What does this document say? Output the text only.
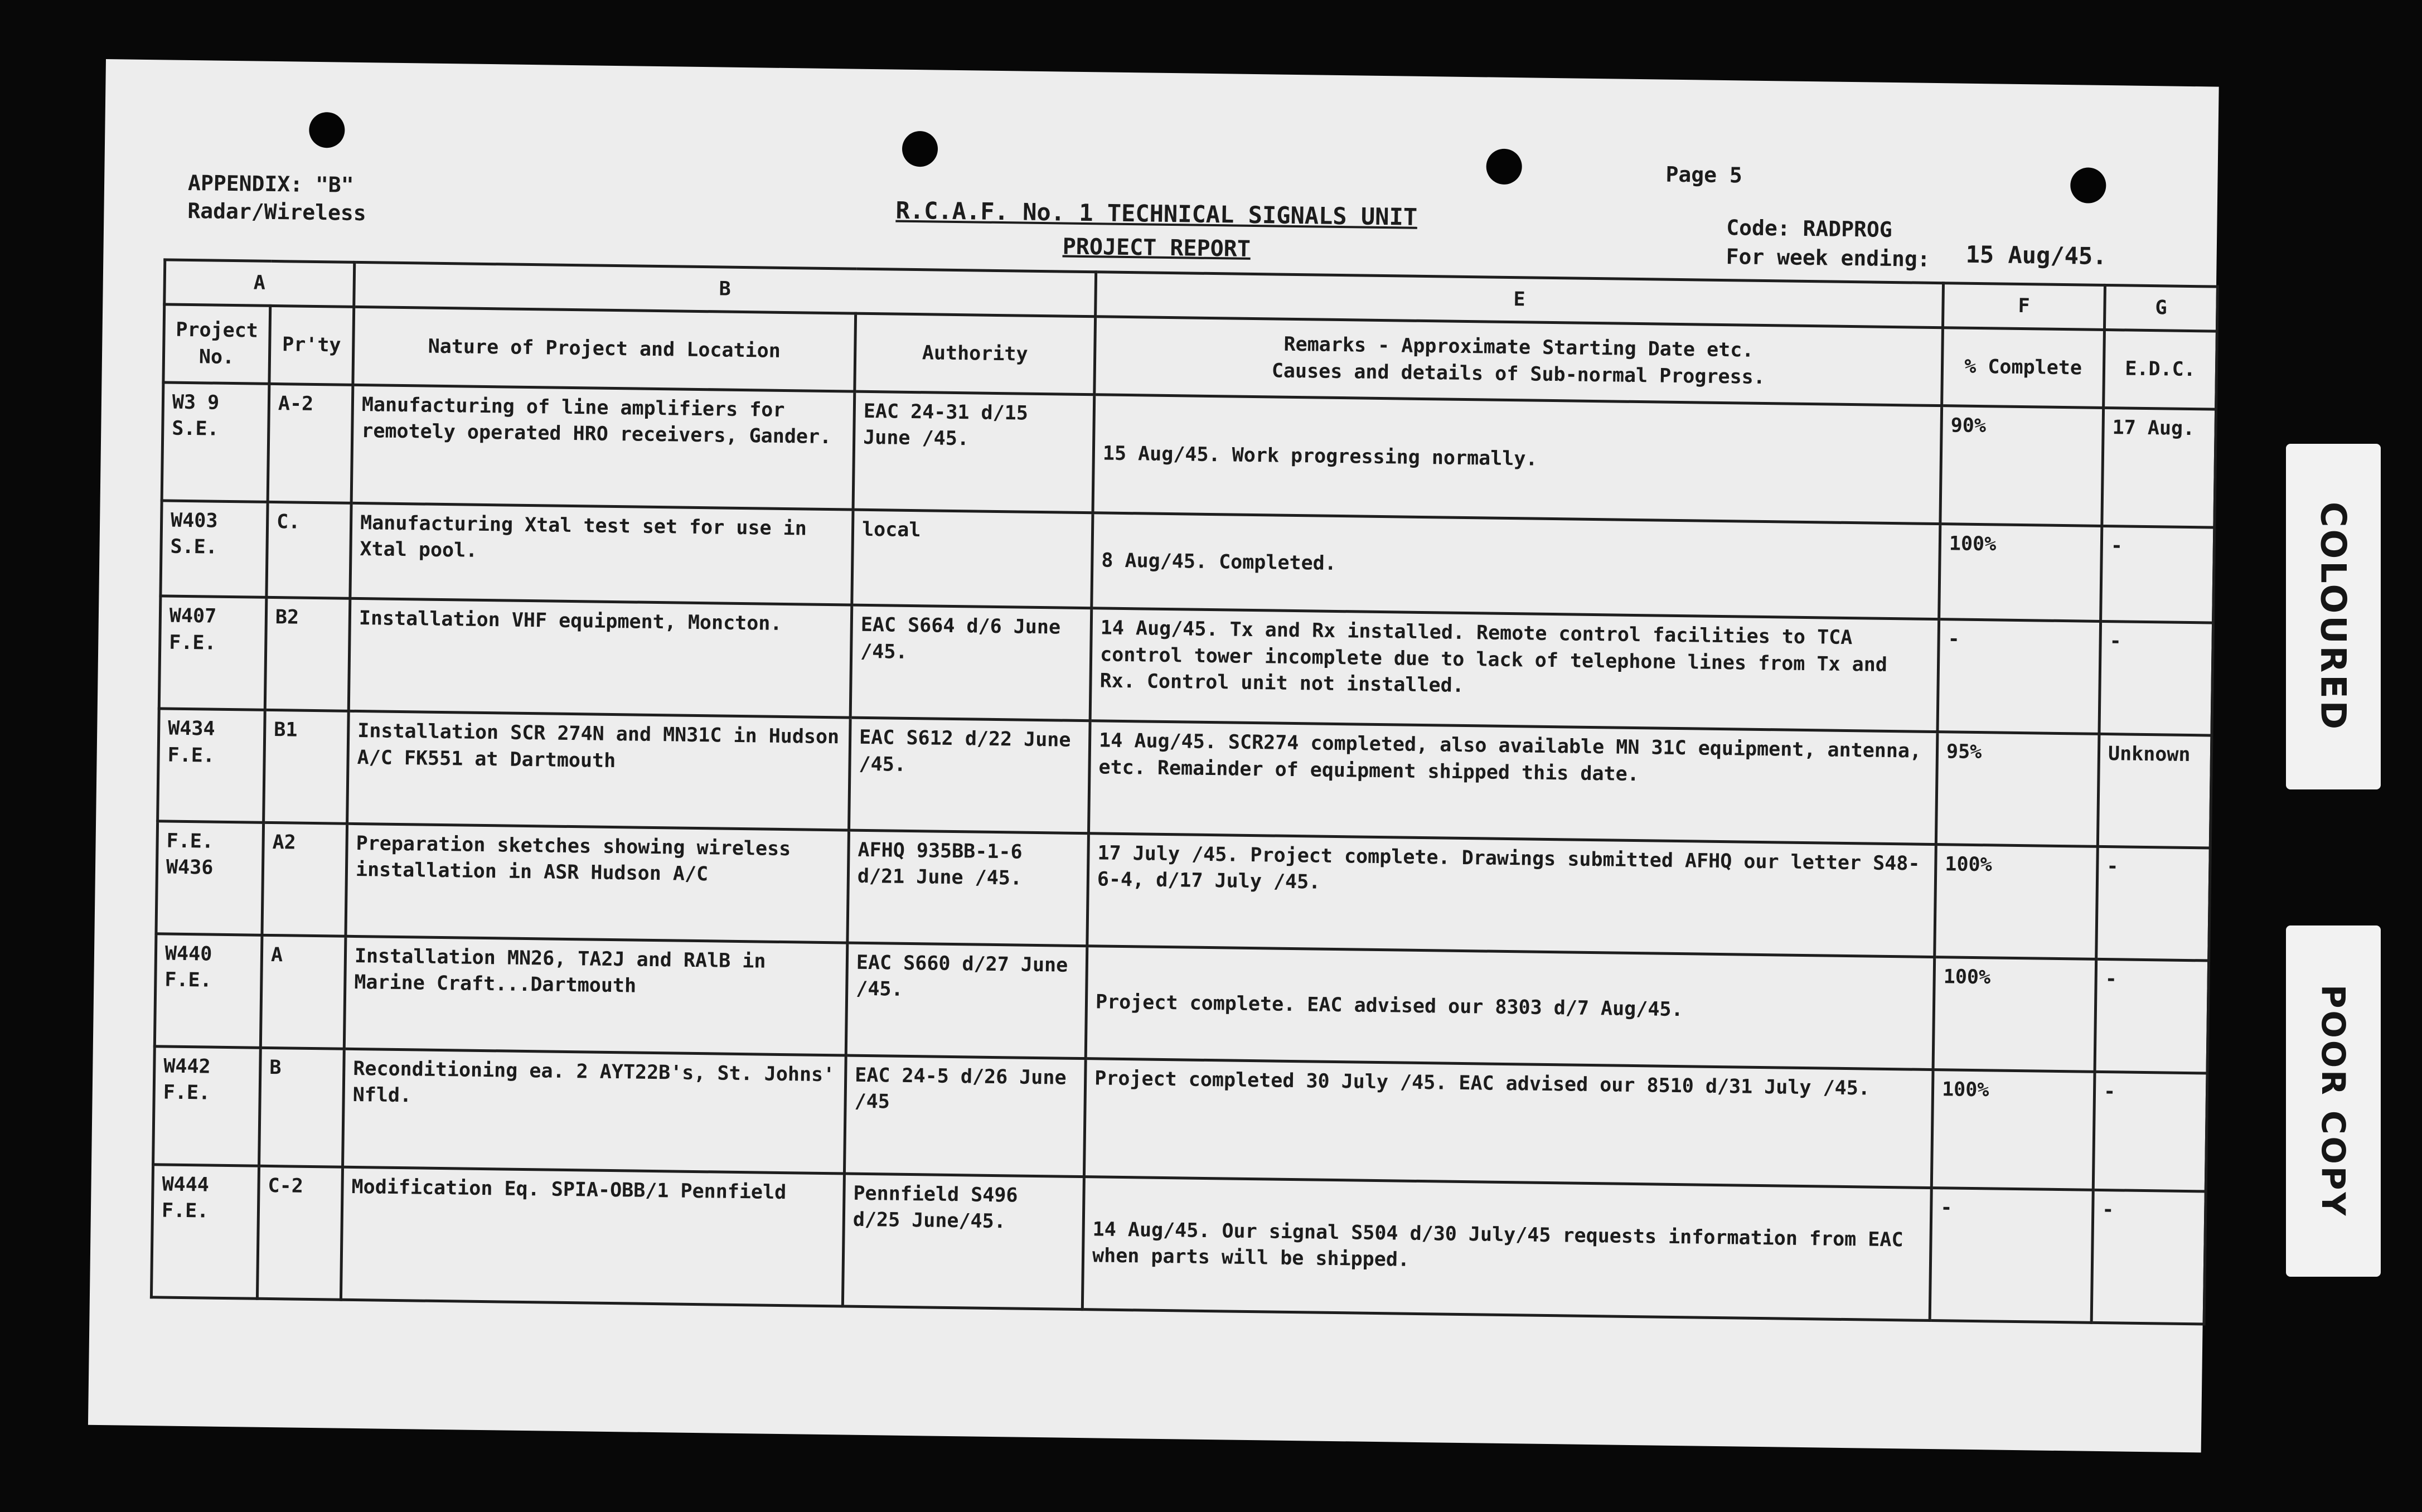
APPENDIX: "B"
Radar/Wireless	R.C.A.F. No. 1 TECHNICAL SIGNALS UNIT
PROJECT REPORT
Page 5
Code: RADPROG
For week ending: 15 Aug/45.
A		B		E	F	G
Project No.	Pr'ty	Nature of Project and Location	Authority	Remarks - Approximate Starting Date etc.
Causes and details of Sub-normal Progress.	% Complete	E.D.C.
W3 9 S.E.	A-2	Manufacturing of line amplifiers for remotely operated HRO receivers, Gander.	EAC 24-31 d/15 June /45.	15 Aug/45. Work progressing normally.	90%	17 Aug.
W403 S.E.	C.	Manufacturing Xtal test set for use in Xtal pool.	local	8 Aug/45. Completed.	100%	-
W407 F.E.	B2	Installation VHF equipment, Moncton.	EAC S664 d/6 June /45.	14 Aug/45. Tx and Rx installed. Remote control facilities to TCA control tower incomplete due to lack of telephone lines from Tx and Rx. Control unit not installed.	-	-
W434 F.E.	B1	Installation SCR 274N and MN31C in Hudson A/C FK551 at Dartmouth	EAC S612 d/22 June /45.	14 Aug/45. SCR274 completed, also available MN 31C equipment, antenna, etc. Remainder of equipment shipped this date.	95%	Unknown
F.E. W436	A2	Preparation sketches showing wireless installation in ASR Hudson A/C	AFHQ 935BB-1-6 d/21 June /45.	17 July /45. Project complete. Drawings submitted AFHQ our letter S48-6-4, d/17 July /45.	100%	-
W440 F.E.	A	Installation MN26, TA2J and RAlB in Marine Craft...Dartmouth	EAC S660 d/27 June /45.	Project complete. EAC advised our 8303 d/7 Aug/45.	100%	-
W442 F.E.	B	Reconditioning ea. 2 AYT22B's, St. Johns' Nfld.	EAC 24-5 d/26 June /45	Project completed 30 July /45. EAC advised our 8510 d/31 July /45.	100%	-
W444 F.E.	C-2	Modification Eq. SPIA-OBB/1 Pennfield	Pennfield S496 d/25 June/45.	14 Aug/45. Our signal S504 d/30 July/45 requests information from EAC when parts will be shipped.	-	-
COLOURED
POOR COPY
